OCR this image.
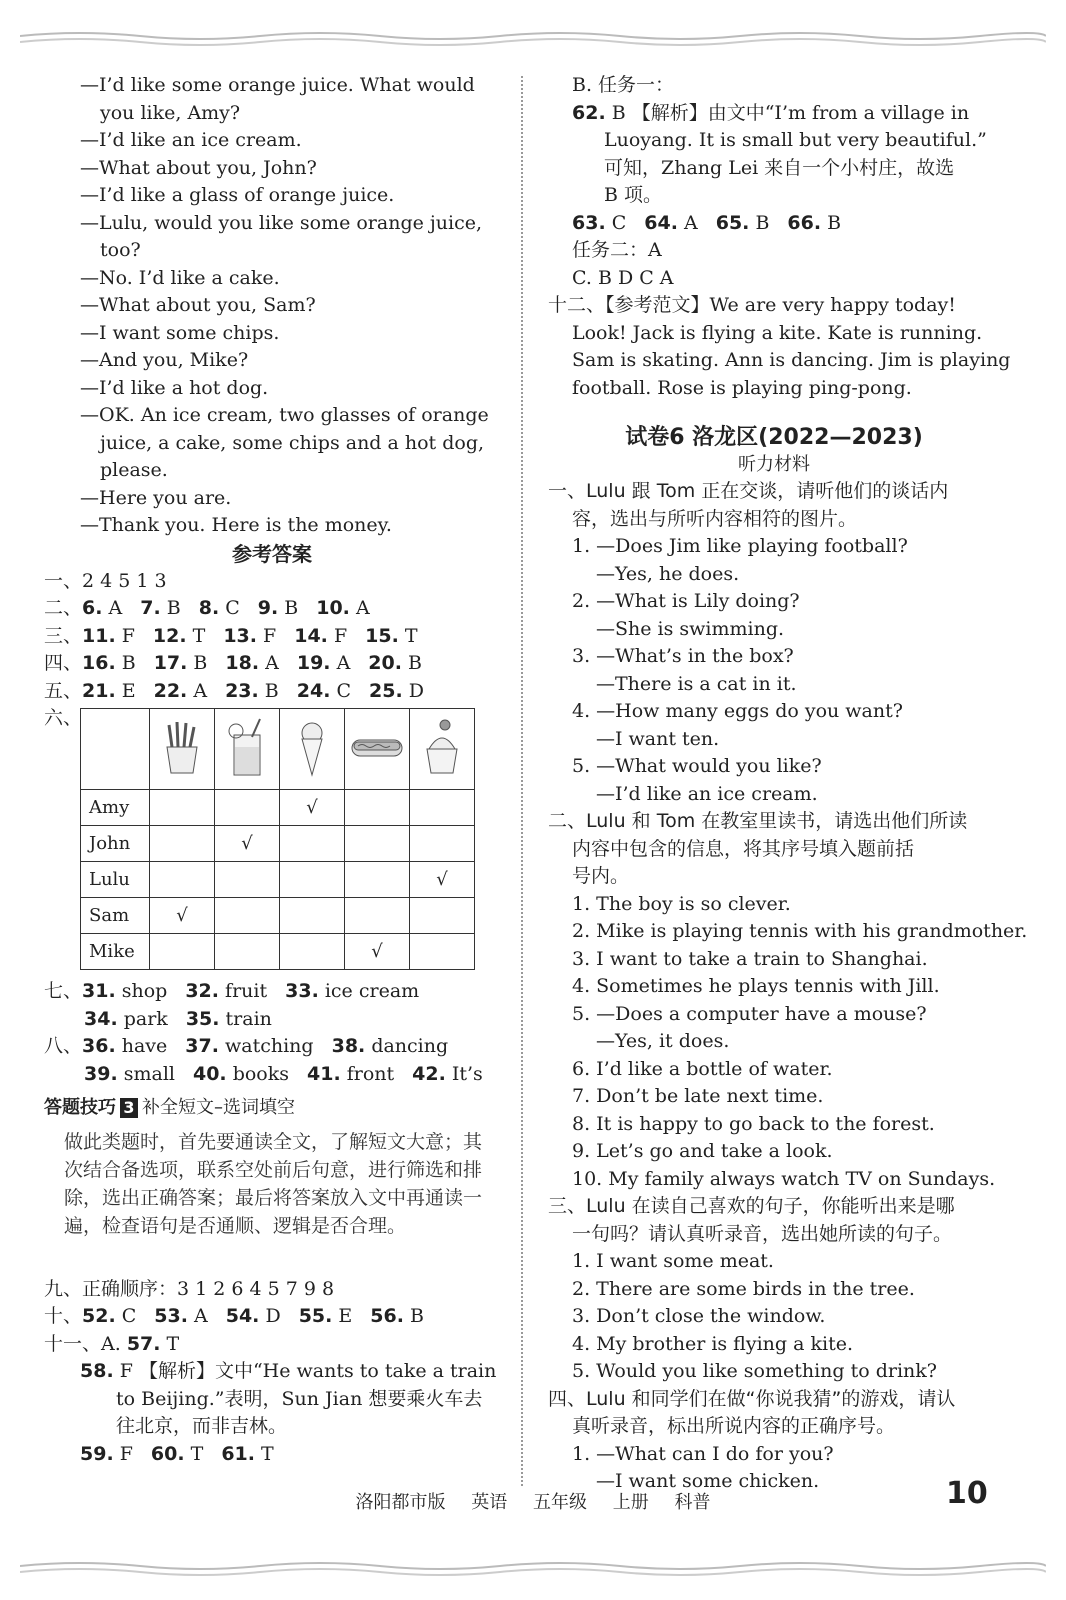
—I’d like some orange juice. What would
you like, Amy?
—I’d like an ice cream.
—What about you, John?
—I’d like a glass of orange juice.
—Lulu, would you like some orange juice,
too?
—No. I’d like a cake.
—What about you, Sam?
—I want some chips.
—And you, Mike?
—I’d like a hot dog.
—OK. An ice cream, two glasses of orange
juice, a cake, some chips and a hot dog,
please.
—Here you are.
—Thank you. Here is the money.
参考答案
一、2 4 5 1 3
二、6. A 7. B 8. C 9. B 10. A
三、11. F 12. T 13. F 14. F 15. T
四、16. B 17. B 18. A 19. A 20. B
五、21. E 22. A 23. B 24. C 25. D
六、

Amy			√		
John		√			
Lulu					√
Sam	√				
Mike				√	
七、31. shop 32. fruit 33. ice cream
34. park 35. train
八、36. have 37. watching 38. dancing
39. small 40. books 41. front 42. It’s
答题技巧 3 补全短文–选词填空
做此类题时，首先要通读全文，了解短文大意；其次结合备选项，联系空处前后句意，进行筛选和排除，选出正确答案；最后将答案放入文中再通读一遍，检查语句是否通顺、逻辑是否合理。
九、正确顺序：3 1 2 6 4 5 7 9 8
十、52. C 53. A 54. D 55. E 56. B
十一、A. 57. T
58. F 【解析】文中“He wants to take a train
to Beijing.”表明，Sun Jian 想要乘火车去
往北京，而非吉林。
59. F 60. T 61. T
B. 任务一：
62. B 【解析】由文中“I’m from a village in
Luoyang. It is small but very beautiful.”
可知，Zhang Lei 来自一个小村庄，故选
B 项。
63. C 64. A 65. B 66. B
任务二：A
C. B D C A
十二、【参考范文】We are very happy today!
Look! Jack is flying a kite. Kate is running.
Sam is skating. Ann is dancing. Jim is playing
football. Rose is playing ping-pong.
试卷6 洛龙区(2022—2023)
听力材料
一、Lulu 跟 Tom 正在交谈，请听他们的谈话内
容，选出与所听内容相符的图片。
1. —Does Jim like playing football?
—Yes, he does.
2. —What is Lily doing?
—She is swimming.
3. —What’s in the box?
—There is a cat in it.
4. —How many eggs do you want?
—I want ten.
5. —What would you like?
—I’d like an ice cream.
二、Lulu 和 Tom 在教室里读书，请选出他们所读
内容中包含的信息，将其序号填入题前括
号内。
1. The boy is so clever.
2. Mike is playing tennis with his grandmother.
3. I want to take a train to Shanghai.
4. Sometimes he plays tennis with Jill.
5. —Does a computer have a mouse?
—Yes, it does.
6. I’d like a bottle of water.
7. Don’t be late next time.
8. It is happy to go back to the forest.
9. Let’s go and take a look.
10. My family always watch TV on Sundays.
三、Lulu 在读自己喜欢的句子，你能听出来是哪
一句吗？请认真听录音，选出她所读的句子。
1. I want some meat.
2. There are some birds in the tree.
3. Don’t close the window.
4. My brother is flying a kite.
5. Would you like something to drink?
四、Lulu 和同学们在做“你说我猜”的游戏，请认
真听录音，标出所说内容的正确序号。
1. —What can I do for you?
—I want some chicken.
洛阳都市版 英语 五年级 上册 科普	10
